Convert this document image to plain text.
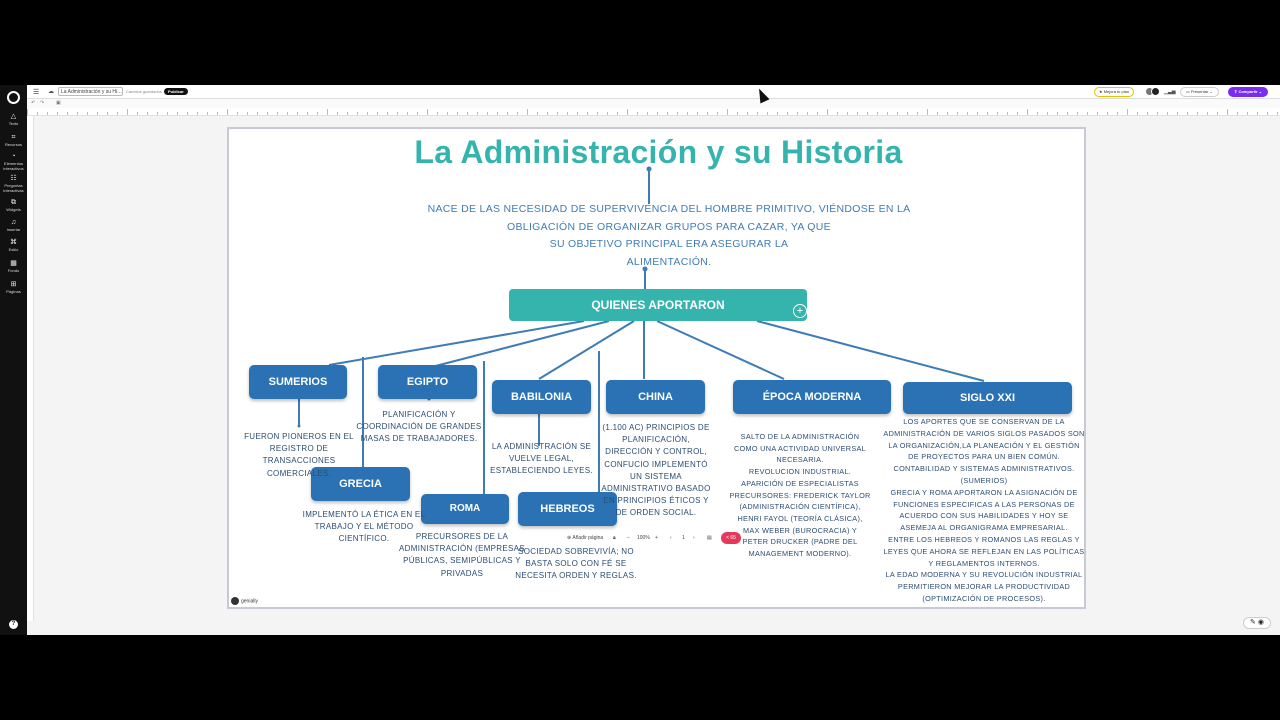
△
Texto
⌗
Recursos
◔
Elementos interactivos
☷
Preguntas interactivas
⧉
Widgets
♫
Insertar
⌘
Estilo
▦
Fondo
⊞
Páginas
?
☰ ☁	La Administración y su Hi… Cambios guardados	Publicar	★ Mejora tu plan	▁▃▅	▭ Presentar ⌄	⇪ Compartir ⌄
↶ ↷ ▣
✎ ◉
La Administración y su Historia
NACE DE LAS NECESIDAD DE SUPERVIVENCIA DEL HOMBRE PRIMITIVO, VIÉNDOSE EN LA
OBLIGACIÓN DE ORGANIZAR GRUPOS PARA CAZAR, YA QUE
SU OBJETIVO PRINCIPAL ERA ASEGURAR LA
ALIMENTACIÓN.
QUIENES APORTARON	+
SUMERIOS	EGIPTO
BABILONIA	CHINA	ÉPOCA MODERNA	SIGLO XXI
GRECIA
ROMA	HEBREOS
FUERON PIONEROS EN EL
REGISTRO DE TRANSACCIONES
COMERCIALES.
PLANIFICACIÓN Y
COORDINACIÓN DE GRANDES
MASAS DE TRABAJADORES.
LA ADMINISTRACIÓN SE
VUELVE LEGAL,
ESTABLECIENDO LEYES.
(1.100 AC) PRINCIPIOS DE
PLANIFICACIÓN,
DIRECCIÓN Y CONTROL,
CONFUCIO IMPLEMENTÓ
UN SISTEMA
ADMINISTRATIVO BASADO
EN PRINCIPIOS ÉTICOS Y
DE ORDEN SOCIAL.
SALTO DE LA ADMINISTRACIÓN
COMO UNA ACTIVIDAD UNIVERSAL
NECESARIA.
REVOLUCION INDUSTRIAL.
APARICIÓN DE ESPECIALISTAS
PRECURSORES: FREDERICK TAYLOR
(ADMINISTRACIÓN CIENTÍFICA),
HENRI FAYOL (TEORÍA CLÁSICA),
MAX WEBER (BUROCRACIA) Y
PETER DRUCKER (PADRE DEL
MANAGEMENT MODERNO).
LOS APORTES QUE SE CONSERVAN DE LA
ADMINISTRACIÓN DE VARIOS SIGLOS PASADOS SON
LA ORGANIZACIÓN,LA PLANEACIÓN Y EL GESTIÓN
DE PROYECTOS PARA UN BIEN COMÚN.
CONTABILIDAD Y SISTEMAS ADMINISTRATIVOS.
(SUMERIOS)
GRECIA Y ROMA APORTARON LA ASIGNACIÓN DE
FUNCIONES ESPECIFICAS A LAS PERSONAS DE
ACUERDO CON SUS HABILIDADES Y HOY SE
ASEMEJA AL ORGANIGRAMA EMPRESARIAL.
ENTRE LOS HEBREOS Y ROMANOS LAS REGLAS Y
LEYES QUE AHORA SE REFLEJAN EN LAS POLÍTICAS
Y REGLAMENTOS INTERNOS.
LA EDAD MODERNA Y SU REVOLUCIÓN INDUSTRIAL
PERMITIERON MEJORAR LA PRODUCTIVIDAD
(OPTIMIZACIÓN DE PROCESOS).
IMPLEMENTÓ LA ÉTICA EN EL
TRABAJO Y EL MÉTODO
CIENTÍFICO.	PRECURSORES DE LA
ADMINISTRACIÓN (EMPRESAS
PÚBLICAS, SEMIPÚBLICAS Y
PRIVADAS
SOCIEDAD SOBREVIVÍA; NO
BASTA SOLO CON FÉ SE
NECESITA ORDEN Y REGLAS.
genially
⊕ Añadir página 🔒︎ − 100% + ‹ 1 › ▤	< 65
